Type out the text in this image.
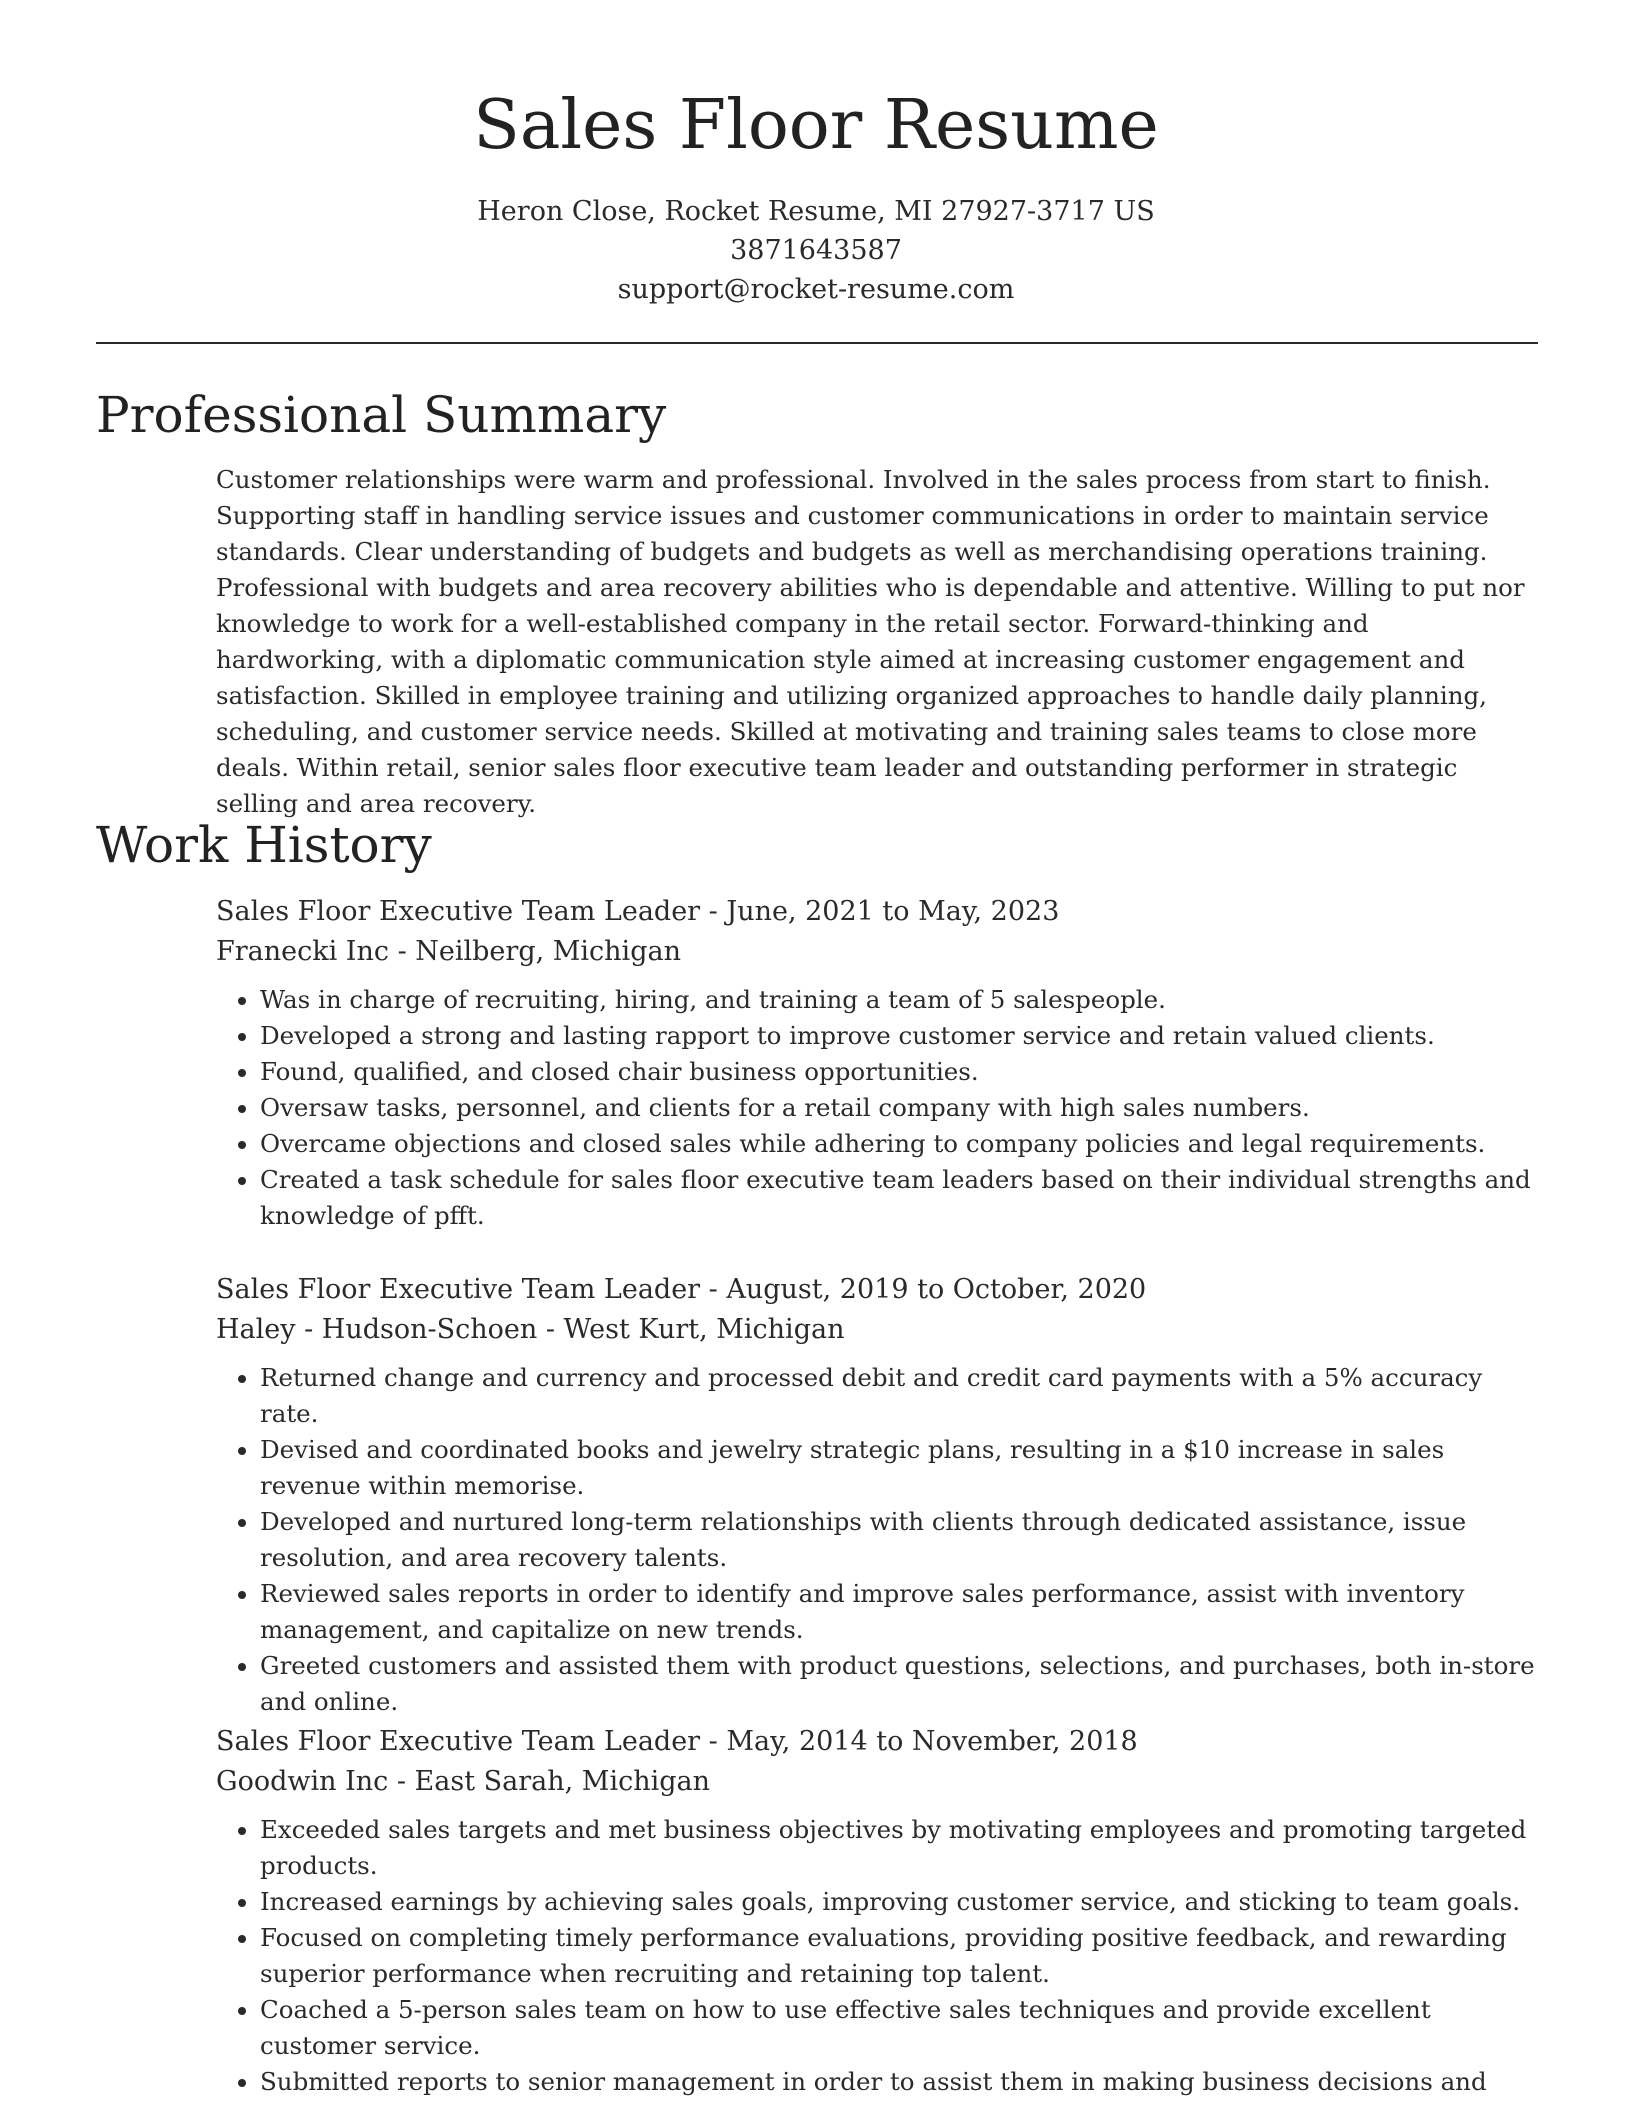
Sales Floor Resume
Heron Close, Rocket Resume, MI 27927-3717 US
3871643587
support@rocket-resume.com
Professional Summary

Customer relationships were warm and professional. Involved in the sales process from start to finish. Supporting staff in handling service issues and customer communications in order to maintain service standards. Clear understanding of budgets and budgets as well as merchandising operations training. Professional with budgets and area recovery abilities who is dependable and attentive. Willing to put nor knowledge to work for a well-established company in the retail sector. Forward-thinking and hardworking, with a diplomatic communication style aimed at increasing customer engagement and satisfaction. Skilled in employee training and utilizing organized approaches to handle daily planning, scheduling, and customer service needs. Skilled at motivating and training sales teams to close more deals. Within retail, senior sales floor executive team leader and outstanding performer in strategic selling and area recovery.

Work History

Sales Floor Executive Team Leader - June, 2021 to May, 2023

Franecki Inc - Neilberg, Michigan

• Was in charge of recruiting, hiring, and training a team of 5 salespeople.
• Developed a strong and lasting rapport to improve customer service and retain valued clients.
• Found, qualified, and closed chair business opportunities.
• Oversaw tasks, personnel, and clients for a retail company with high sales numbers.
• Overcame objections and closed sales while adhering to company policies and legal requirements.
• Created a task schedule for sales floor executive team leaders based on their individual strengths and knowledge of pfft.

Sales Floor Executive Team Leader - August, 2019 to October, 2020

Haley - Hudson-Schoen - West Kurt, Michigan

• Returned change and currency and processed debit and credit card payments with a 5% accuracy rate.
• Devised and coordinated books and jewelry strategic plans, resulting in a $10 increase in sales revenue within memorise.
• Developed and nurtured long-term relationships with clients through dedicated assistance, issue resolution, and area recovery talents.
• Reviewed sales reports in order to identify and improve sales performance, assist with inventory management, and capitalize on new trends.
• Greeted customers and assisted them with product questions, selections, and purchases, both in-store and online.

Sales Floor Executive Team Leader - May, 2014 to November, 2018

Goodwin Inc - East Sarah, Michigan

• Exceeded sales targets and met business objectives by motivating employees and promoting targeted products.
• Increased earnings by achieving sales goals, improving customer service, and sticking to team goals.
• Focused on completing timely performance evaluations, providing positive feedback, and rewarding superior performance when recruiting and retaining top talent.
• Coached a 5-person sales team on how to use effective sales techniques and provide excellent customer service.
• Submitted reports to senior management in order to assist them in making business decisions and
